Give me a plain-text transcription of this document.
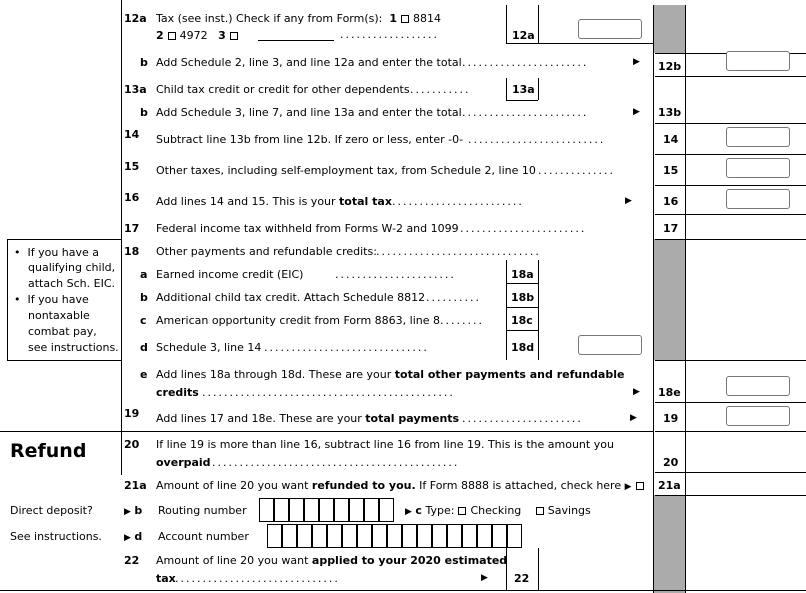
12a Tax (see inst.) Check if any from Form(s): 1 8814
2 4972 3	..................	12a
b Add Schedule 2, line 3, and line 12a and enter the total .......................	▶ 12b
13a Child tax credit or credit for other dependents ...........	13a
b Add Schedule 3, line 7, and line 13a and enter the total .......................	▶ 13b
14 Subtract line 13b from line 12b. If zero or less, enter -0- .........................	14
15 Other taxes, including self-employment tax, from Schedule 2, line 10 ..............	15
16 Add lines 14 and 15. This is your total tax ........................	▶	16
17 Federal income tax withheld from Forms W-2 and 1099 .......................	17
•  If you have a
qualifying child,
attach Sch. EIC.
•  If you have
nontaxable
combat pay,
see instructions.
18 Other payments and refundable credits: ..............................
a Earned income credit (EIC)	......................	18a
b Additional child tax credit. Attach Schedule 8812 ..........	18b
c American opportunity credit from Form 8863, line 8 ........ 18c
d Schedule 3, line 14 ..............................	18d
e Add lines 18a through 18d. These are your total other payments and refundable
credits ..............................................	▶ 18e
19 Add lines 17 and 18e. These are your total payments ......................	▶ 19
Refund	20 If line 19 is more than line 16, subtract line 16 from line 19. This is the amount you
overpaid .............................................	20
21a Amount of line 20 you want refunded to you. If Form 8888 is attached, check here ▶	21a
Direct deposit?
See instructions.
▶ b Routing number	▶ c Type: Checking Savings
▶ d Account number
22 Amount of line 20 you want applied to your 2020 estimated
tax ..............................	▶ 22
